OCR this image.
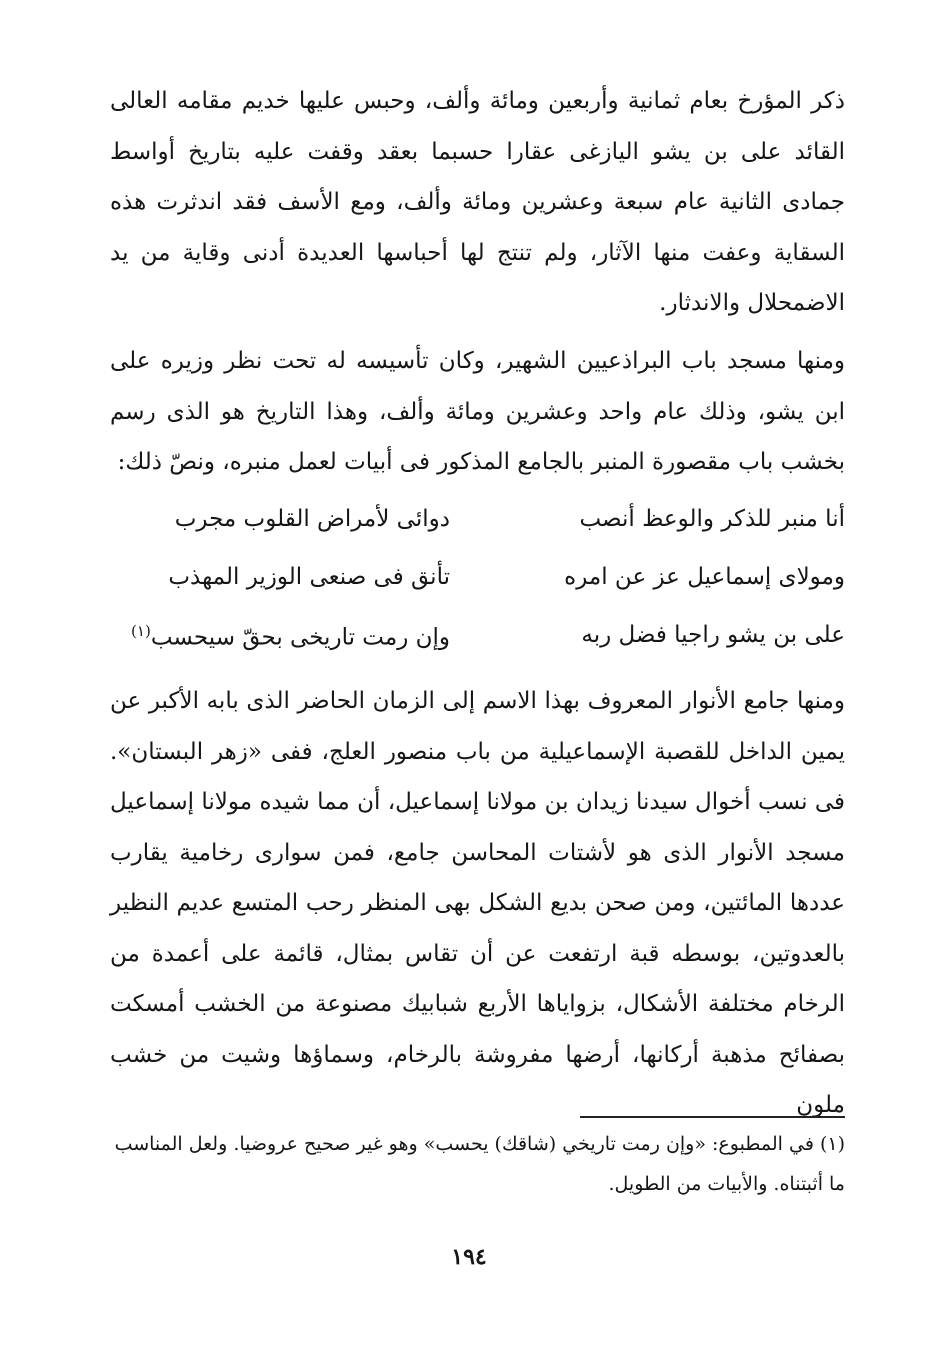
ذكر المؤرخ بعام ثمانية وأربعين ومائة وألف، وحبس عليها خديم مقامه العالى القائد على بن يشو اليازغى عقارا حسبما بعقد وقفت عليه بتاريخ أواسط جمادى الثانية عام سبعة وعشرين ومائة وألف، ومع الأسف فقد اندثرت هذه السقاية وعفت منها الآثار، ولم تنتج لها أحباسها العديدة أدنى وقاية من يد الاضمحلال والاندثار.

ومنها مسجد باب البراذعيين الشهير، وكان تأسيسه له تحت نظر وزيره على ابن يشو، وذلك عام واحد وعشرين ومائة وألف، وهذا التاريخ هو الذى رسم بخشب باب مقصورة المنبر بالجامع المذكور فى أبيات لعمل منبره، ونصّ ذلك:

أنا منبر للذكر والوعظ أنصب
دوائى لأمراض القلوب مجرب
ومولاى إسماعيل عز عن امره
تأنق فى صنعى الوزير المهذب
على بن يشو راجيا فضل ربه
وإن رمت تاريخى بحقّ سيحسب$^{(١)}$

ومنها جامع الأنوار المعروف بهذا الاسم إلى الزمان الحاضر الذى بابه الأكبر عن يمين الداخل للقصبة الإسماعيلية من باب منصور العلج، ففى «زهر البستان». فى نسب أخوال سيدنا زيدان بن مولانا إسماعيل، أن مما شيده مولانا إسماعيل مسجد الأنوار الذى هو لأشتات المحاسن جامع، فمن سوارى رخامية يقارب عددها المائتين، ومن صحن بديع الشكل بهى المنظر رحب المتسع عديم النظير بالعدوتين، بوسطه قبة ارتفعت عن أن تقاس بمثال، قائمة على أعمدة من الرخام مختلفة الأشكال، بزواياها الأربع شبابيك مصنوعة من الخشب أمسكت بصفائح مذهبة أركانها، أرضها مفروشة بالرخام، وسماؤها وشيت من خشب ملون

(١) في المطبوع: «وإن رمت تاريخي (شاقك) يحسب» وهو غير صحيح عروضيا. ولعل المناسب ما أثبتناه. والأبيات من الطويل.

١٩٤
